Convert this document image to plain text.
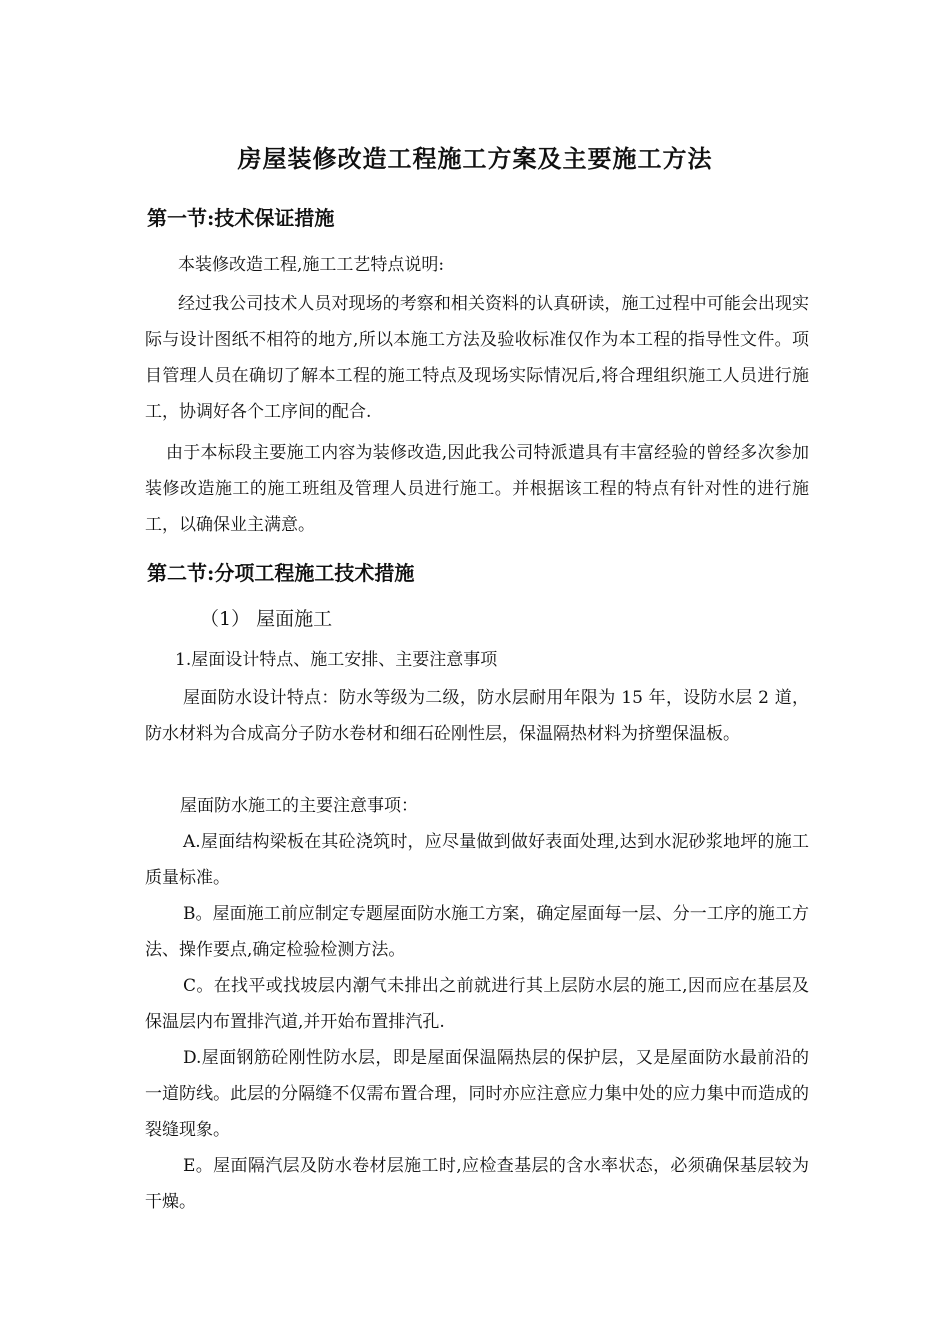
房屋装修改造工程施工方案及主要施工方法
第一节:技术保证措施

本装修改造工程,施工工艺特点说明:

经过我公司技术人员对现场的考察和相关资料的认真研读，施工过程中可能会出现实际与设计图纸不相符的地方,所以本施工方法及验收标准仅作为本工程的指导性文件。项目管理人员在确切了解本工程的施工特点及现场实际情况后,将合理组织施工人员进行施工，协调好各个工序间的配合.

由于本标段主要施工内容为装修改造,因此我公司特派遣具有丰富经验的曾经多次参加装修改造施工的施工班组及管理人员进行施工。并根据该工程的特点有针对性的进行施工，以确保业主满意。

第二节:分项工程施工技术措施

（1） 屋面施工

1.屋面设计特点、施工安排、主要注意事项

屋面防水设计特点：防水等级为二级，防水层耐用年限为 15 年，设防水层 2 道，防水材料为合成高分子防水卷材和细石砼刚性层，保温隔热材料为挤塑保温板。

屋面防水施工的主要注意事项：

A.屋面结构梁板在其砼浇筑时，应尽量做到做好表面处理,达到水泥砂浆地坪的施工质量标准。

B。屋面施工前应制定专题屋面防水施工方案，确定屋面每一层、分一工序的施工方法、操作要点,确定检验检测方法。

C。在找平或找坡层内潮气未排出之前就进行其上层防水层的施工,因而应在基层及保温层内布置排汽道,并开始布置排汽孔.

D.屋面钢筋砼刚性防水层，即是屋面保温隔热层的保护层，又是屋面防水最前沿的一道防线。此层的分隔缝不仅需布置合理，同时亦应注意应力集中处的应力集中而造成的裂缝现象。

E。屋面隔汽层及防水卷材层施工时,应检查基层的含水率状态，必须确保基层较为干燥。
